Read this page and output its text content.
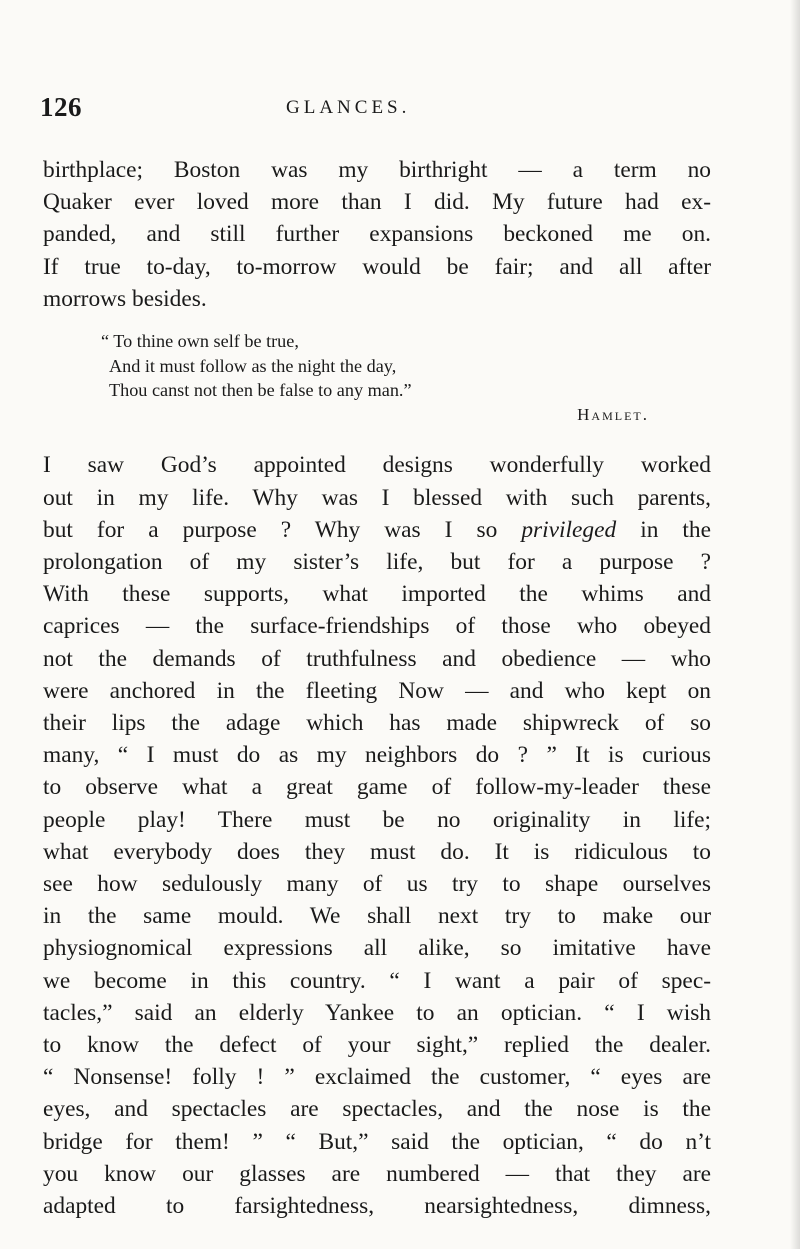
126	GLANCES.

birthplace; Boston was my birthright — a term no
Quaker ever loved more than I did. My future had ex-
panded, and still further expansions beckoned me on.
If true to-day, to-morrow would be fair; and all after
morrows besides.

“ To thine own self be true,
And it must follow as the night the day,
Thou canst not then be false to any man.”
Hamlet.

I saw God’s appointed designs wonderfully worked
out in my life. Why was I blessed with such parents,
but for a purpose ? Why was I so privileged in the
prolongation of my sister’s life, but for a purpose ?
With these supports, what imported the whims and
caprices — the surface-friendships of those who obeyed
not the demands of truthfulness and obedience — who
were anchored in the fleeting Now — and who kept on
their lips the adage which has made shipwreck of so
many, “ I must do as my neighbors do ? ” It is curious
to observe what a great game of follow-my-leader these
people play! There must be no originality in life;
what everybody does they must do. It is ridiculous to
see how sedulously many of us try to shape ourselves
in the same mould. We shall next try to make our
physiognomical expressions all alike, so imitative have
we become in this country. “ I want a pair of spec-
tacles,” said an elderly Yankee to an optician. “ I wish
to know the defect of your sight,” replied the dealer.
“ Nonsense! folly ! ” exclaimed the customer, “ eyes are
eyes, and spectacles are spectacles, and the nose is the
bridge for them! ” “ But,” said the optician, “ do n’t
you know our glasses are numbered — that they are
adapted to farsightedness, nearsightedness, dimness,
